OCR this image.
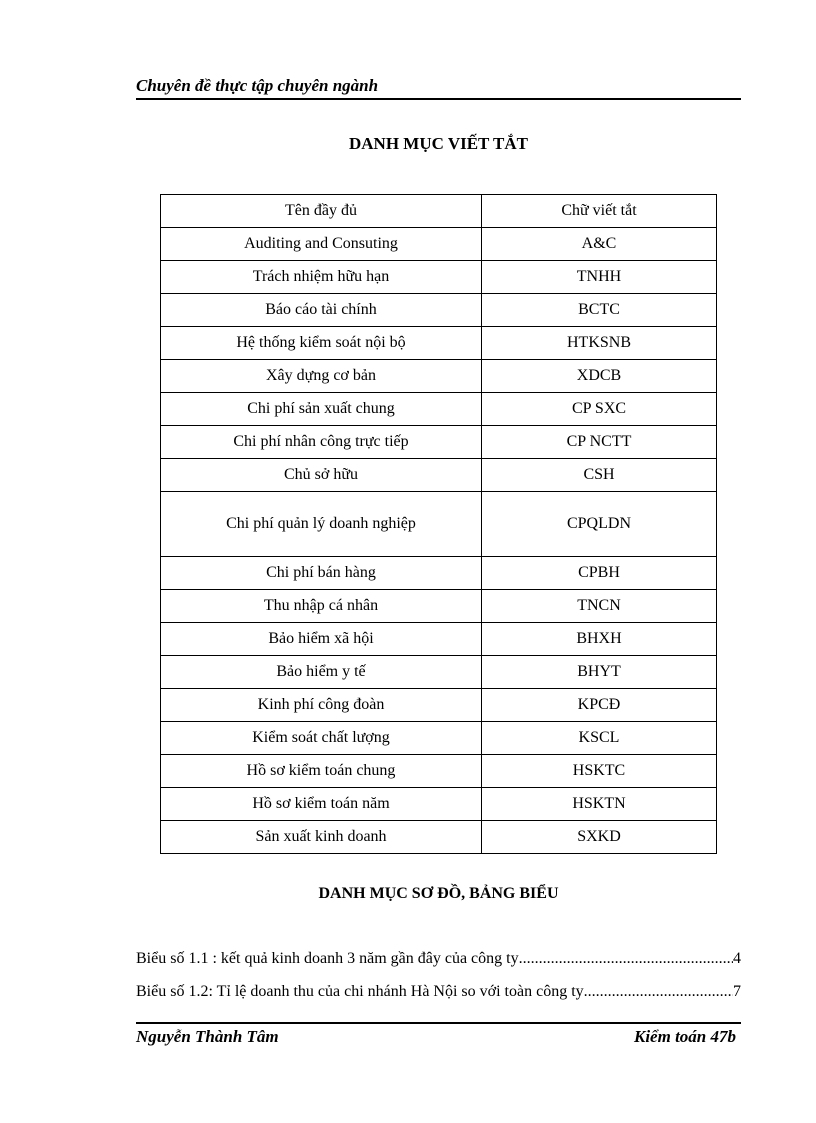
Chuyên đề thực tập chuyên ngành
DANH MỤC VIẾT TẮT
Tên đầy đủ	Chữ viết tắt
Auditing and Consuting	A&C
Trách nhiệm hữu hạn	TNHH
Báo cáo tài chính	BCTC
Hệ thống kiểm soát nội bộ	HTKSNB
Xây dựng cơ bản	XDCB
Chi phí sản xuất chung	CP SXC
Chi phí nhân công trực tiếp	CP NCTT
Chủ sở hữu	CSH
Chi phí quản lý doanh nghiệp	CPQLDN
Chi phí bán hàng	CPBH
Thu nhập cá nhân	TNCN
Bảo hiểm xã hội	BHXH
Bảo hiểm y tế	BHYT
Kinh phí công đoàn	KPCĐ
Kiểm soát chất lượng	KSCL
Hồ sơ kiểm toán chung	HSKTC
Hồ sơ kiểm toán năm	HSKTN
Sản xuất kinh doanh	SXKD
DANH MỤC SƠ ĐỒ, BẢNG BIỂU
Biểu số 1.1 : kết quả kinh doanh 3 năm gần đây của công ty .....	4
Biểu số 1.2: Tỉ lệ doanh thu của chi nhánh Hà Nội so với toàn công ty .....	7
Nguyễn Thành Tâm	Kiểm toán 47b
